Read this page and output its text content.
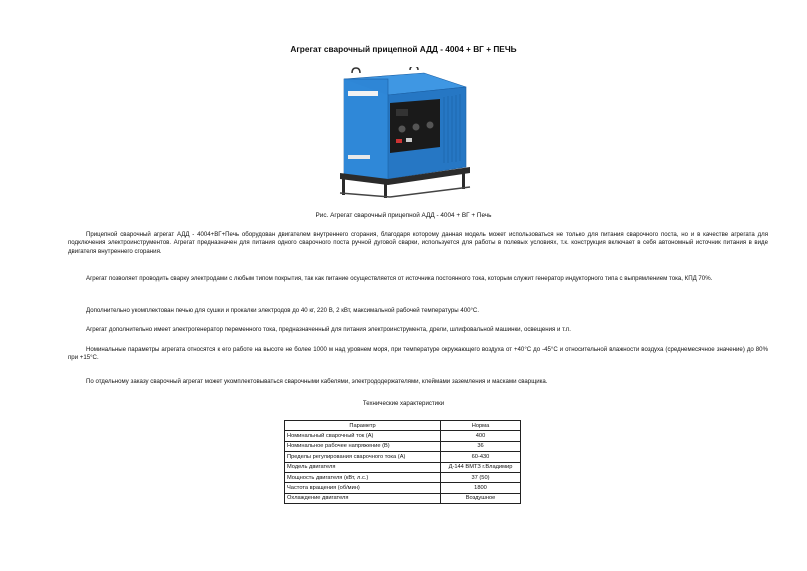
Агрегат сварочный прицепной АДД - 4004 + ВГ + ПЕЧЬ
Рис. Агрегат сварочный прицепной АДД - 4004 + ВГ + Печь

Прицепной сварочный агрегат АДД - 4004+ВГ+Печь оборудован двигателем внутреннего сгорания, благодаря которому данная модель может использоваться не только для питания сварочного поста, но и в качестве агрегата для подключения электроинструментов. Агрегат предназначен для питания одного сварочного поста ручной дуговой сварки, используется для работы в полевых условиях, т.к. конструкция включает в себя автономный источник питания в виде двигателя внутреннего сгорания.

Агрегат позволяет проводить сварку электродами с любым типом покрытия, так как питание осуществляется от источника постоянного тока, которым служит генератор индукторного типа с выпрямлением тока, КПД 70%.

Дополнительно укомплектован печью для сушки и прокалки электродов до 40 кг, 220 В, 2 кВт, максимальной рабочей температуры 400°С.

Агрегат дополнительно имеет электрогенератор переменного тока, предназначенный для питания электроинструмента, дрели, шлифовальной машинки, освещения и т.п.

Номинальные параметры агрегата относятся к его работе на высоте не более 1000 м над уровнем моря, при температуре окружающего воздуха от +40°С до -45°С и относительной влажности воздуха (среднемесячное значение) до 80% при +15°С.

По отдельному заказу сварочный агрегат может укомплектовываться сварочными кабелями, электрододержателями, клеймами заземления и масками сварщика.

Технические характеристики
Параметр	Норма
Номинальный сварочный ток (А)	400
Номинальное рабочее напряжение (В)	36
Пределы регулирования сварочного тока (А)	60-430
Модель двигателя	Д-144 ВМТЗ г.Владимир
Мощность двигателя (кВт, л.с.)	37 (50)
Частота вращения (об/мин)	1800
Охлаждение двигателя	Воздушное
